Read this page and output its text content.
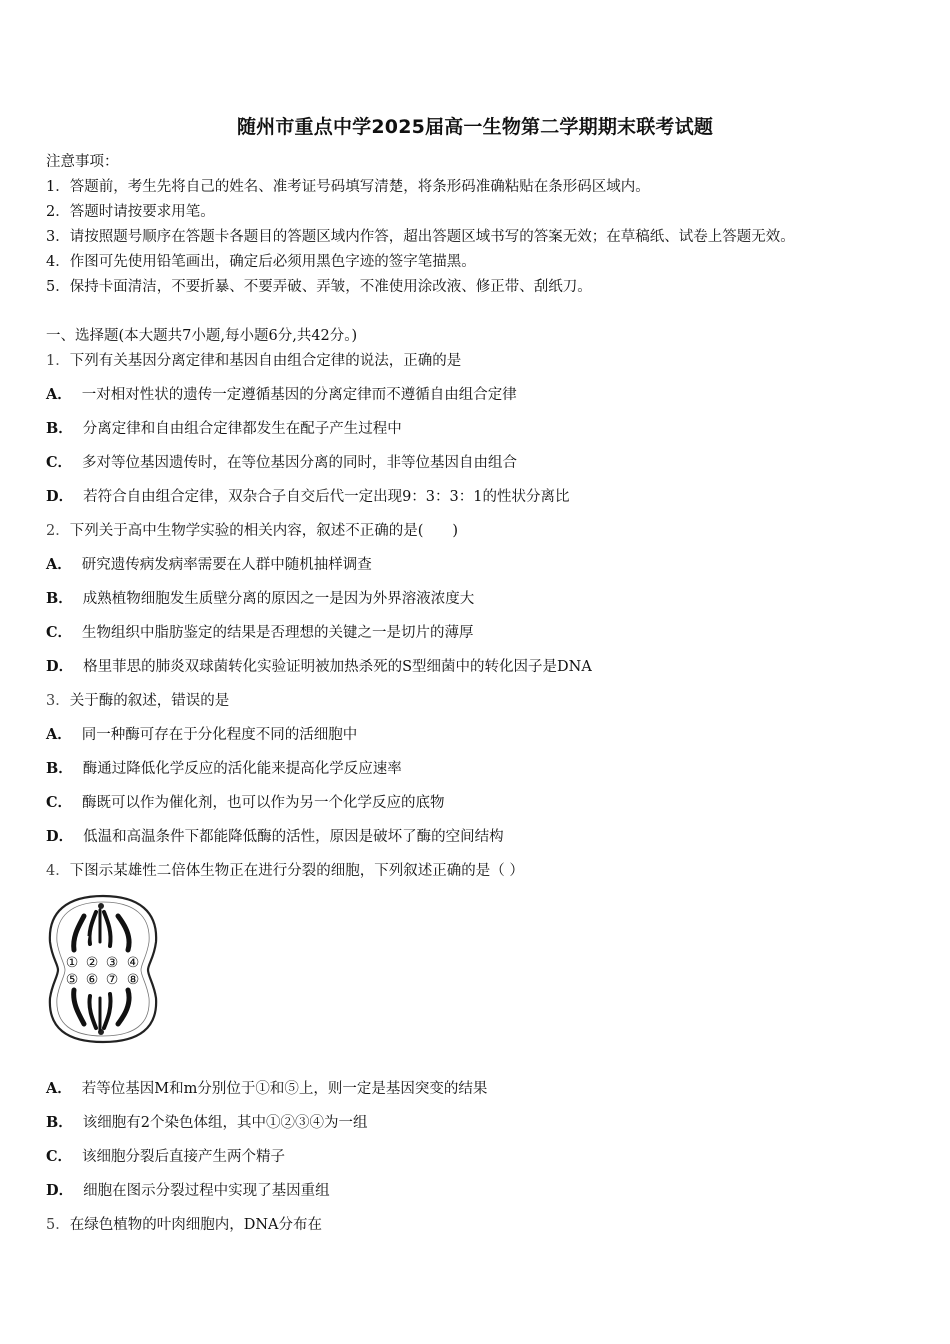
随州市重点中学2025届高一生物第二学期期末联考试题
注意事项：
1．答题前，考生先将自己的姓名、准考证号码填写清楚，将条形码准确粘贴在条形码区域内。
2．答题时请按要求用笔。
3．请按照题号顺序在答题卡各题目的答题区域内作答，超出答题区域书写的答案无效；在草稿纸、试卷上答题无效。
4．作图可先使用铅笔画出，确定后必须用黑色字迹的签字笔描黑。
5．保持卡面清洁，不要折暴、不要弄破、弄皱，不准使用涂改液、修正带、刮纸刀。
一、选择题(本大题共7小题,每小题6分,共42分。)
1．下列有关基因分离定律和基因自由组合定律的说法，正确的是
A． 一对相对性状的遗传一定遵循基因的分离定律而不遵循自由组合定律
B． 分离定律和自由组合定律都发生在配子产生过程中
C． 多对等位基因遗传时，在等位基因分离的同时，非等位基因自由组合
D． 若符合自由组合定律，双杂合子自交后代一定出现9：3：3：1的性状分离比
2．下列关于高中生物学实验的相关内容，叙述不正确的是(　　)
A． 研究遗传病发病率需要在人群中随机抽样调查
B． 成熟植物细胞发生质壁分离的原因之一是因为外界溶液浓度大
C． 生物组织中脂肪鉴定的结果是否理想的关键之一是切片的薄厚
D． 格里菲思的肺炎双球菌转化实验证明被加热杀死的S型细菌中的转化因子是DNA
3．关于酶的叙述，错误的是
A． 同一种酶可存在于分化程度不同的活细胞中
B． 酶通过降低化学反应的活化能来提高化学反应速率
C． 酶既可以作为催化剂，也可以作为另一个化学反应的底物
D． 低温和高温条件下都能降低酶的活性，原因是破坏了酶的空间结构
4．下图示某雄性二倍体生物正在进行分裂的细胞，下列叙述正确的是（ ）
① ② ③ ④
⑤ ⑥ ⑦ ⑧
A． 若等位基因M和m分别位于①和⑤上，则一定是基因突变的结果
B． 该细胞有2个染色体组，其中①②③④为一组
C． 该细胞分裂后直接产生两个精子
D． 细胞在图示分裂过程中实现了基因重组
5．在绿色植物的叶肉细胞内，DNA分布在
